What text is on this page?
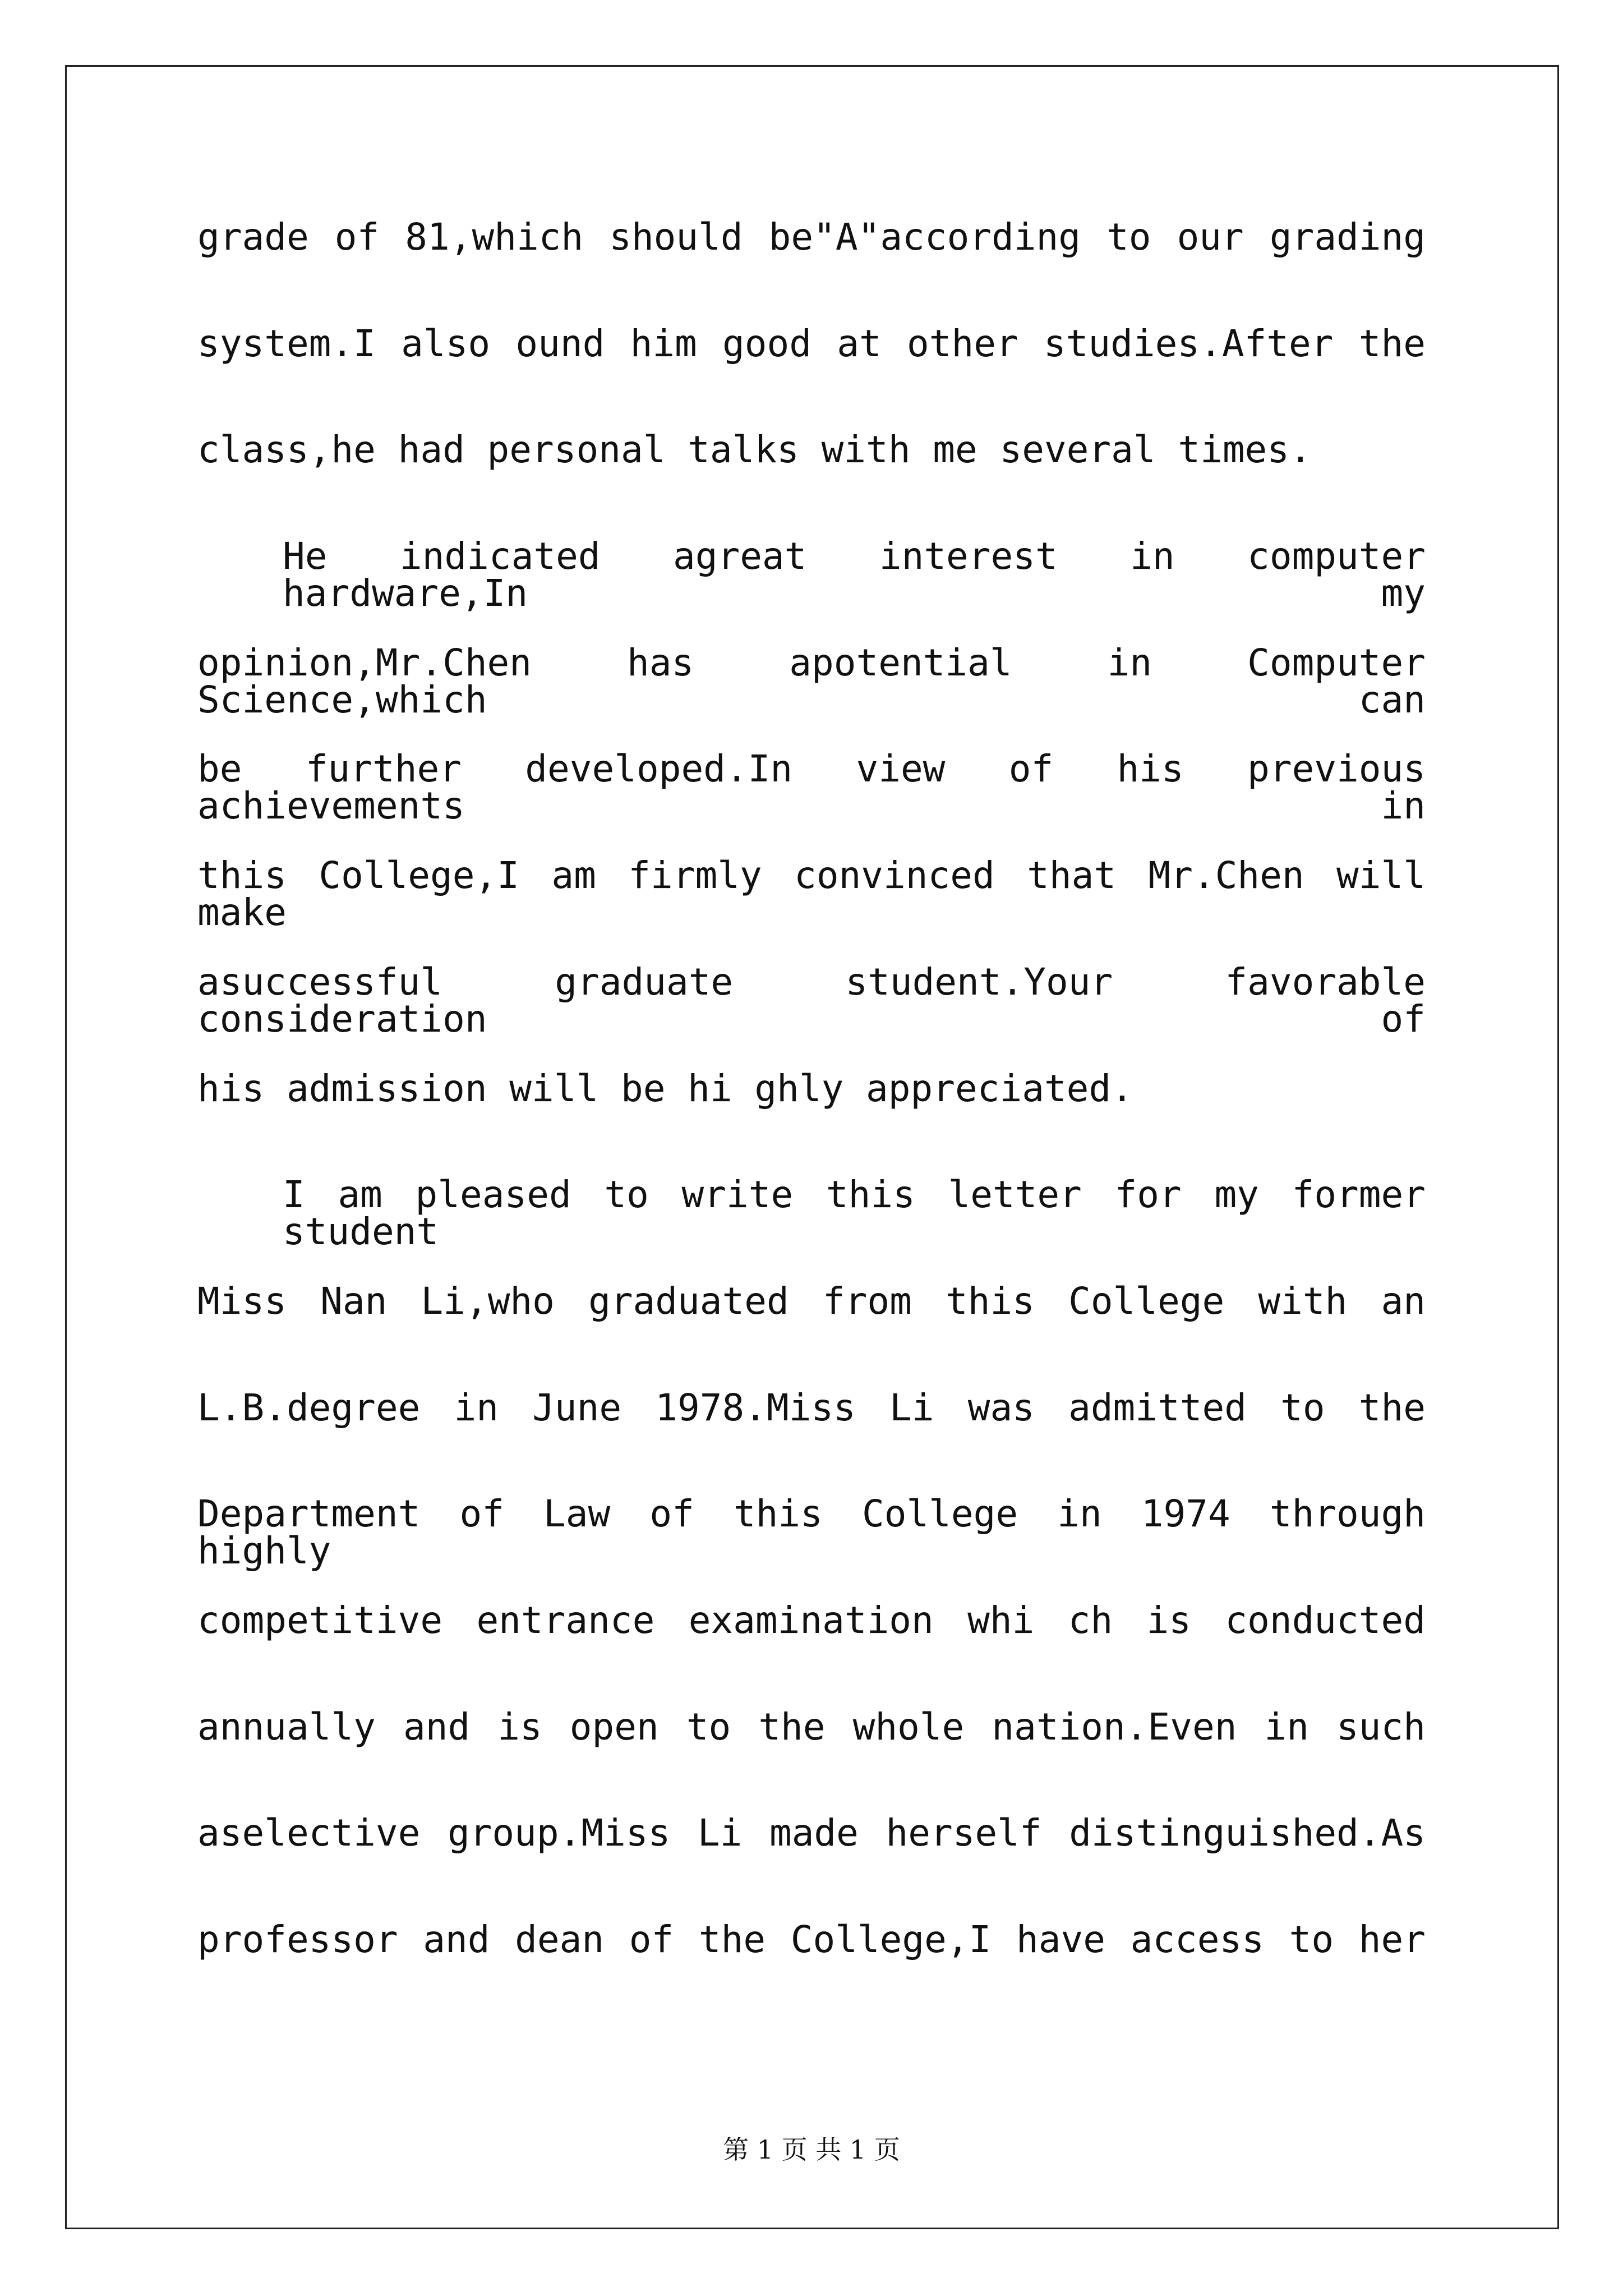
grade of 81,which should be"A"according to our grading
system.I also ound him good at other studies.After the
class,he had personal talks with me several times.
He indicated agreat interest in computer hardware,In my
opinion,Mr.Chen has apotential in Computer Science,which can
be further developed.In view of his previous achievements in
this College,I am firmly convinced that Mr.Chen will make
asuccessful graduate student.Your favorable consideration of
his admission will be hi ghly appreciated.
I am pleased to write this letter for my former student
Miss Nan Li,who graduated from this College with an
L.B.degree in June 1978.Miss Li was admitted to the
Department of Law of this College in 1974 through highly
competitive entrance examination whi ch is conducted
annually and is open to the whole nation.Even in such
aselective group.Miss Li made herself distinguished.As
professor and dean of the College,I have access to her
第 1 页 共 1 页
